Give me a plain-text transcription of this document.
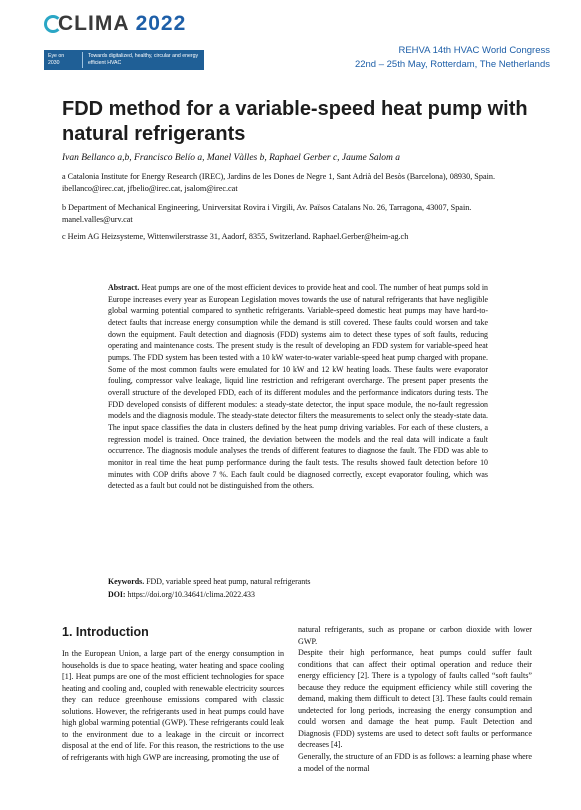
CLIMA 2022
Eye on 2030
Towards digitalized, healthy, circular and energy efficient HVAC
REHVA 14th HVAC World Congress
22nd – 25th May, Rotterdam, The Netherlands
FDD method for a variable-speed heat pump with natural refrigerants
Ivan Bellanco a,b, Francisco Belío a, Manel Vàlles b, Raphael Gerber c, Jaume Salom a
a Catalonia Institute for Energy Research (IREC), Jardins de les Dones de Negre 1, Sant Adrià del Besòs (Barcelona), 08930, Spain. ibellanco@irec.cat, jfbelio@irec.cat, jsalom@irec.cat
b Department of Mechanical Engineering, Unirversitat Rovira i Virgili, Av. Països Catalans No. 26, Tarragona, 43007, Spain. manel.valles@urv.cat
c Heim AG Heizsysteme, Wittenwilerstrasse 31, Aadorf, 8355, Switzerland. Raphael.Gerber@heim-ag.ch
Abstract. Heat pumps are one of the most efficient devices to provide heat and cool. The number of heat pumps sold in Europe increases every year as European Legislation moves towards the use of natural refrigerants that have negligible global warming potential compared to synthetic refrigerants. Variable-speed domestic heat pumps may have hard-to-detect faults that increase energy consumption while the demand is still covered. These faults could worsen and take down the equipment. Fault detection and diagnosis (FDD) systems aim to detect these types of soft faults, reducing operating and maintenance costs. The present study is the result of developing an FDD system for variable-speed heat pumps. The FDD system has been tested with a 10 kW water-to-water variable-speed heat pump charged with propane. Some of the most common faults were emulated for 10 kW and 12 kW heating loads. These faults were evaporator fouling, compressor valve leakage, liquid line restriction and refrigerant overcharge. The present paper presents the overall structure of the developed FDD, each of its different modules and the performance indicators during tests. The FDD developed consists of different modules: a steady-state detector, the input space module, the no-fault regression models and the diagnosis module. The steady-state detector filters the measurements to select only the steady-state data. The input space classifies the data in clusters defined by the heat pump driving variables. For each of these clusters, a regression model is trained. Once trained, the deviation between the models and the real data will indicate a fault occurrence. The diagnosis module analyses the trends of different features to diagnose the fault. The FDD was able to monitor in real time the heat pump performance during the fault tests. The results showed fault detection before 10 minutes with COP drifts above 7 %. Each fault could be diagnosed correctly, except evaporator fouling, which was detected as a fault but could not be distinguished from the others.
Keywords. FDD, variable speed heat pump, natural refrigerants
DOI: https://doi.org/10.34641/clima.2022.433
1. Introduction

In the European Union, a large part of the energy consumption in households is due to space heating, water heating and space cooling [1]. Heat pumps are one of the most efficient technologies for space heating and cooling and, coupled with renewable electricity sources they can reduce greenhouse emissions compared with classic solutions. However, the refrigerants used in heat pumps could have high global warming potential (GWP). These refrigerants could leak to the environment due to a leakage in the circuit or incorrect disposal at the end of life. For this reason, the restrictions to the use of refrigerants with high GWP are increasing, promoting the use of

natural refrigerants, such as propane or carbon dioxide with lower GWP.

Despite their high performance, heat pumps could suffer fault conditions that can affect their optimal operation and reduce their energy efficiency [2]. There is a typology of faults called “soft faults” because they reduce the equipment efficiency while still covering the demand, making them difficult to detect [3]. These faults could remain undetected for long periods, increasing the energy consumption and could worsen and damage the heat pump. Fault Detection and Diagnosis (FDD) systems are used to detect soft faults or performance decreases [4].

Generally, the structure of an FDD is as follows: a learning phase where a model of the normal
